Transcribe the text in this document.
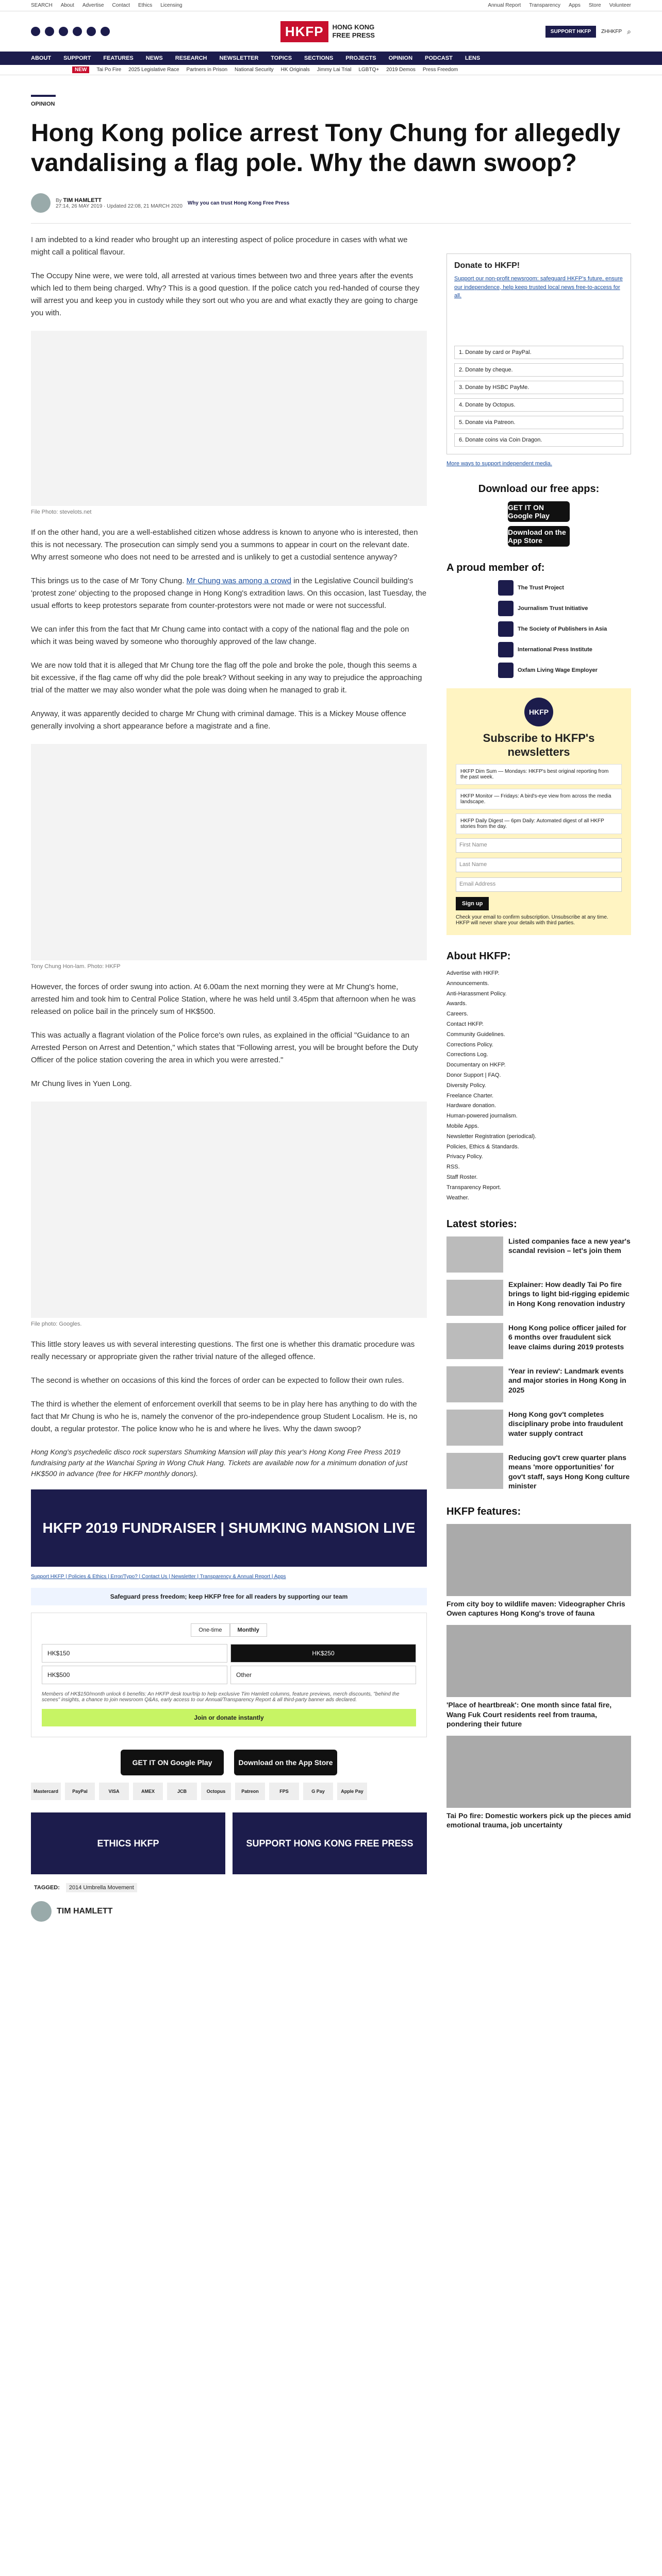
SEARCH About Advertise Contact Ethics Licensing	Annual Report Transparency Apps Store Volunteer
HKFP	HONG KONG
FREE PRESS	SUPPORT HKFP	ZHHKFP ⌕
ABOUT SUPPORT FEATURES NEWS RESEARCH NEWSLETTER TOPICS SECTIONS PROJECTS OPINION PODCAST LENS
NEW	Tai Po Fire 2025 Legislative Race Partners in Prison National Security HK Originals Jimmy Lai Trial LGBTQ+ 2019 Demos Press Freedom
OPINION
Hong Kong police arrest Tony Chung for allegedly vandalising a flag pole. Why the dawn swoop?
By TIM HAMLETT
27:14, 26 MAY 2019 · Updated 22:08, 21 MARCH 2020
Why you can trust Hong Kong Free Press

I am indebted to a kind reader who brought up an interesting aspect of police procedure in cases with what we might call a political flavour.

The Occupy Nine were, we were told, all arrested at various times between two and three years after the events which led to them being charged. Why? This is a good question. If the police catch you red-handed of course they will arrest you and keep you in custody while they sort out who you are and what exactly they are going to charge you with.

File Photo: stevelots.net

If on the other hand, you are a well-established citizen whose address is known to anyone who is interested, then this is not necessary. The prosecution can simply send you a summons to appear in court on the relevant date. Why arrest someone who does not need to be arrested and is unlikely to get a custodial sentence anyway?

This brings us to the case of Mr Tony Chung. Mr Chung was among a crowd in the Legislative Council building's 'protest zone' objecting to the proposed change in Hong Kong's extradition laws. On this occasion, last Tuesday, the usual efforts to keep protestors separate from counter-protestors were not made or were not successful.

We can infer this from the fact that Mr Chung came into contact with a copy of the national flag and the pole on which it was being waved by someone who thoroughly approved of the law change.

We are now told that it is alleged that Mr Chung tore the flag off the pole and broke the pole, though this seems a bit excessive, if the flag came off why did the pole break? Without seeking in any way to prejudice the approaching trial of the matter we may also wonder what the pole was doing when he managed to grab it.

Anyway, it was apparently decided to charge Mr Chung with criminal damage. This is a Mickey Mouse offence generally involving a short appearance before a magistrate and a fine.

Tony Chung Hon-lam. Photo: HKFP

However, the forces of order swung into action. At 6.00am the next morning they were at Mr Chung's home, arrested him and took him to Central Police Station, where he was held until 3.45pm that afternoon when he was released on police bail in the princely sum of HK$500.

This was actually a flagrant violation of the Police force's own rules, as explained in the official "Guidance to an Arrested Person on Arrest and Detention," which states that "Following arrest, you will be brought before the Duty Officer of the police station covering the area in which you were arrested."

Mr Chung lives in Yuen Long.

File photo: Googles.

This little story leaves us with several interesting questions. The first one is whether this dramatic procedure was really necessary or appropriate given the rather trivial nature of the alleged offence.

The second is whether on occasions of this kind the forces of order can be expected to follow their own rules.

The third is whether the element of enforcement overkill that seems to be in play here has anything to do with the fact that Mr Chung is who he is, namely the convenor of the pro-independence group Student Localism. He is, no doubt, a regular protestor. The police know who he is and where he lives. Why the dawn swoop?

Hong Kong's psychedelic disco rock superstars Shumking Mansion will play this year's Hong Kong Free Press 2019 fundraising party at the Wanchai Spring in Wong Chuk Hang. Tickets are available now for a minimum donation of just HK$500 in advance (free for HKFP monthly donors).
HKFP 2019 FUNDRAISER | SHUMKING MANSION LIVE
Support HKFP | Policies & Ethics | Error/Typo? | Contact Us | Newsletter | Transparency & Annual Report | Apps
Safeguard press freedom; keep HKFP free for all readers by supporting our team
One-time	Monthly
HK$150	HK$250
HK$500	Other
Members of HK$150/month unlock 6 benefits: An HKFP desk tour/trip to help exclusive Tim Hamlett columns, feature previews, merch discounts, "behind the scenes" insights, a chance to join newsroom Q&As, early access to our Annual/Transparency Report & all third-party banner ads declared.
Join or donate instantly
GET IT ON Google Play	Download on the App Store
Mastercard	PayPal	VISA	AMEX	JCB	Octopus	Patreon	FPS	G Pay	Apple Pay
ETHICS HKFP	SUPPORT HONG KONG FREE PRESS
TAGGED: 2014 Umbrella Movement
TIM HAMLETT
Donate to HKFP!
Support our non-profit newsroom: safeguard HKFP's future, ensure our independence, help keep trusted local news free-to-access for all.
1. Donate by card or PayPal.
2. Donate by cheque.
3. Donate by HSBC PayMe.
4. Donate by Octopus.
5. Donate via Patreon.
6. Donate coins via Coin Dragon.
More ways to support independent media.
Download our free apps:
GET IT ON Google Play
Download on the App Store
A proud member of:
The Trust Project
Journalism Trust Initiative
The Society of Publishers in Asia
International Press Institute
Oxfam Living Wage Employer
HKFP
Subscribe to HKFP's newsletters
HKFP Dim Sum — Mondays: HKFP's best original reporting from the past week.
HKFP Monitor — Fridays: A bird's-eye view from across the media landscape.
HKFP Daily Digest — 6pm Daily: Automated digest of all HKFP stories from the day.
First Name
Last Name
Email Address
Sign up
Check your email to confirm subscription. Unsubscribe at any time. HKFP will never share your details with third parties.
About HKFP:
Advertise with HKFP.
Announcements.
Anti-Harassment Policy.
Awards.
Careers.
Contact HKFP.
Community Guidelines.
Corrections Policy.
Corrections Log.
Documentary on HKFP.
Donor Support | FAQ.
Diversity Policy.
Freelance Charter.
Hardware donation.
Human-powered journalism.
Mobile Apps.
Newsletter Registration (periodical).
Policies, Ethics & Standards.
Privacy Policy.
RSS.
Staff Roster.
Transparency Report.
Weather.
Latest stories:
Listed companies face a new year's scandal revision – let's join them
Explainer: How deadly Tai Po fire brings to light bid-rigging epidemic in Hong Kong renovation industry
Hong Kong police officer jailed for 6 months over fraudulent sick leave claims during 2019 protests
'Year in review': Landmark events and major stories in Hong Kong in 2025
Hong Kong gov't completes disciplinary probe into fraudulent water supply contract
Reducing gov't crew quarter plans means 'more opportunities' for gov't staff, says Hong Kong culture minister
HKFP features:
From city boy to wildlife maven: Videographer Chris Owen captures Hong Kong's trove of fauna
'Place of heartbreak': One month since fatal fire, Wang Fuk Court residents reel from trauma, pondering their future
Tai Po fire: Domestic workers pick up the pieces amid emotional trauma, job uncertainty
